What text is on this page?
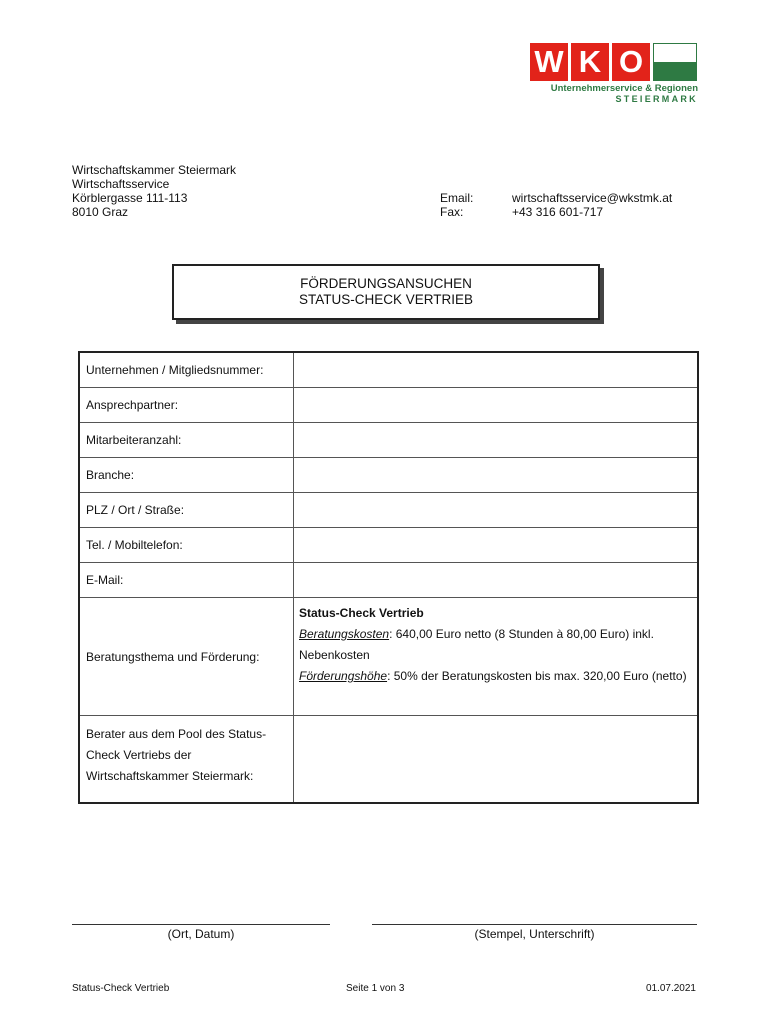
W K O
Unternehmerservice & Regionen
STEIERMARK
Wirtschaftskammer Steiermark
Wirtschaftsservice
Körblergasse 111-113
8010 Graz
Email:	wirtschaftsservice@wkstmk.at
Fax:	+43 316 601-717
FÖRDERUNGSANSUCHEN
STATUS-CHECK VERTRIEB
Unternehmen / Mitgliedsnummer:
Ansprechpartner:
Mitarbeiteranzahl:
Branche:
PLZ / Ort / Straße:
Tel. / Mobiltelefon:
E-Mail:
Beratungsthema und Förderung:
Status-Check Vertrieb
Beratungskosten: 640,00 Euro netto (8 Stunden à 80,00 Euro) inkl. Nebenkosten
Förderungshöhe: 50% der Beratungskosten bis max. 320,00 Euro (netto)
Berater aus dem Pool des Status-Check Vertriebs der Wirtschaftskammer Steiermark:
(Ort, Datum)	(Stempel, Unterschrift)
Status-Check Vertrieb	Seite 1 von 3	01.07.2021
